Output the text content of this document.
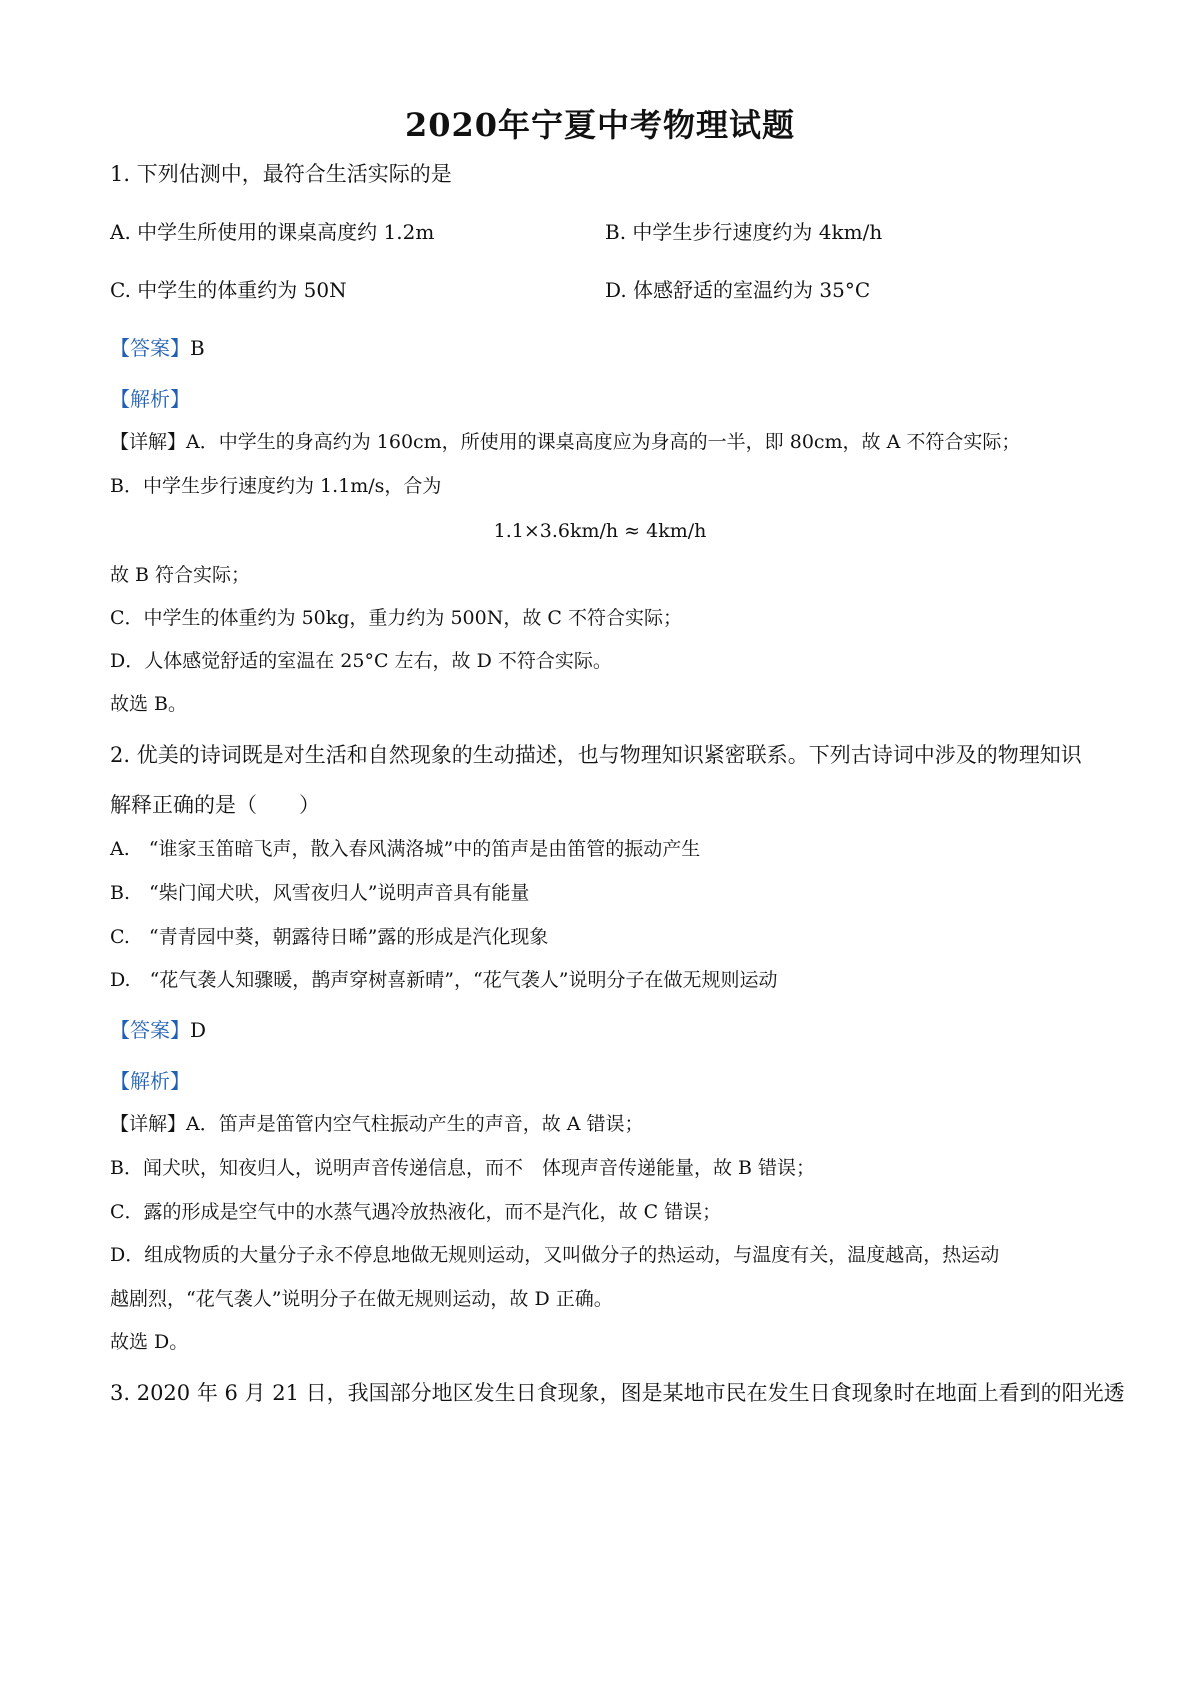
2020年宁夏中考物理试题
1. 下列估测中，最符合生活实际的是
A. 中学生所使用的课桌高度约 1.2m	B. 中学生步行速度约为 4km/h
C. 中学生的体重约为 50N	D. 体感舒适的室温约为 35°C
【答案】B
【解析】
【详解】A．中学生的身高约为 160cm，所使用的课桌高度应为身高的一半，即 80cm，故 A 不符合实际；
B．中学生步行速度约为 1.1m/s，合为
1.1×3.6km/h ≈ 4km/h
故 B 符合实际；
C．中学生的体重约为 50kg，重力约为 500N，故 C 不符合实际；
D．人体感觉舒适的室温在 25°C 左右，故 D 不符合实际。
故选 B。
2. 优美的诗词既是对生活和自然现象的生动描述，也与物理知识紧密联系。下列古诗词中涉及的物理知识
解释正确的是（　　）
A.　“谁家玉笛暗飞声，散入春风满洛城”中的笛声是由笛管的振动产生
B.　“柴门闻犬吠，风雪夜归人”说明声音具有能量
C.　“青青园中葵，朝露待日晞”露的形成是汽化现象
D.　“花气袭人知骤暖，鹊声穿树喜新晴”，“花气袭人”说明分子在做无规则运动
【答案】D
【解析】
【详解】A．笛声是笛管内空气柱振动产生的声音，故 A 错误；
B．闻犬吠，知夜归人，说明声音传递信息，而不　体现声音传递能量，故 B 错误；
C．露的形成是空气中的水蒸气遇冷放热液化，而不是汽化，故 C 错误；
D．组成物质的大量分子永不停息地做无规则运动，又叫做分子的热运动，与温度有关，温度越高，热运动
越剧烈，“花气袭人”说明分子在做无规则运动，故 D 正确。
故选 D。
3. 2020 年 6 月 21 日，我国部分地区发生日食现象，图是某地市民在发生日食现象时在地面上看到的阳光透
